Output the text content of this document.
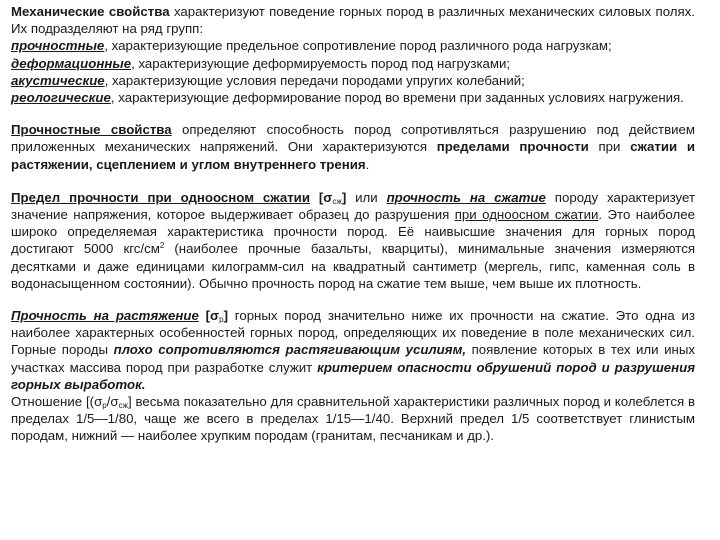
Механические свойства характеризуют поведение горных пород в различных механических силовых полях. Их подразделяют на ряд групп:
прочностные, характеризующие предельное сопротивление пород различного рода нагрузкам;
деформационные, характеризующие деформируемость пород под нагрузками;
акустические, характеризующие условия передачи породами упругих колебаний;
реологические, характеризующие деформирование пород во времени при заданных условиях нагружения.

Прочностные свойства определяют способность пород сопротивляться разрушению под действием приложенных механических напряжений. Они характеризуются пределами прочности при сжатии и растяжении, сцеплением и углом внутреннего трения.

Предел прочности при одноосном сжатии $[\sigma_{сж}]$ или прочность на сжатие породу характеризует значение напряжения, которое выдерживает образец до разрушения при одноосном сжатии. Это наиболее широко определяемая характеристика прочности пород. Её наивысшие значения для горных пород достигают 5000 кгс/$см^2$ (наиболее прочные базальты, кварциты), минимальные значения измеряются десятками и даже единицами килограмм-сил на квадратный сантиметр (мергель, гипс, каменная соль в водонасыщенном состоянии). Обычно прочность пород на сжатие тем выше, чем выше их плотность.

Прочность на растяжение $[\sigma_р]$ горных пород значительно ниже их прочности на сжатие. Это одна из наиболее характерных особенностей горных пород, определяющих их поведение в поле механических сил. Горные породы плохо сопротивляются растягивающим усилиям, появление которых в тех или иных участках массива пород при разработке служит критерием опасности обрушений пород и разрушения горных выработок.
Отношение [$(\sigma_р/\sigma_{сж}]$ весьма показательно для сравнительной характеристики различных пород и колеблется в пределах 1/5—1/80, чаще же всего в пределах 1/15—1/40. Верхний предел 1/5 соответствует глинистым породам, нижний — наиболее хрупким породам (гранитам, песчаникам и др.).
